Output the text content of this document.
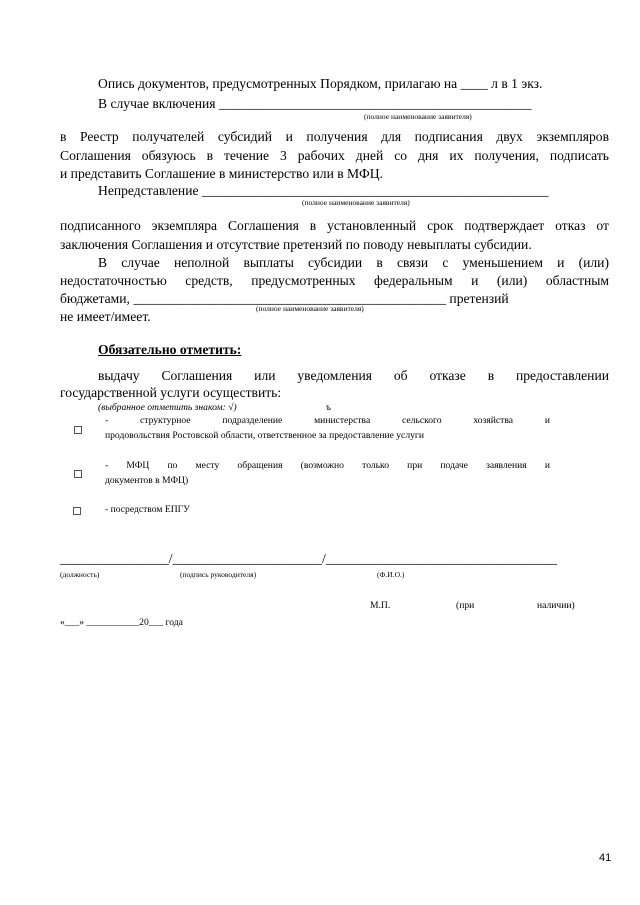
Опись документов, предусмотренных Порядком, прилагаю на ____ л в 1 экз.
В случае включения ______________________________________________
(полное наименование заявителя)
в Реестр получателей субсидий и получения для подписания двух экземпляров
Соглашения обязуюсь в течение 3 рабочих дней со дня их получения, подписать
и представить Соглашение в министерство или в МФЦ.
Непредставление ___________________________________________________
(полное наименование заявителя)
подписанного экземпляра Соглашения в установленный срок подтверждает отказ от
заключения Соглашения и отсутствие претензий по поводу невыплаты субсидии.
В случае неполной выплаты субсидии в связи с уменьшением и (или)
недостаточностью средств, предусмотренных федеральным и (или) областным
бюджетами, ______________________________________________ претензий
(полное наименование заявителя)
не имеет/имеет.
Обязательно отметить:
выдачу Соглашения или уведомления об отказе в предоставлении
государственной услуги осуществить:
(выбранное отметить знаком: √)	ъ
- структурное подразделение министерства сельского хозяйства и
продовольствия Ростовской области, ответственное за предоставление услуги
- МФЦ по месту обращения (возможно только при подаче заявления и
документов в МФЦ)
- посредством ЕПГУ
________________/______________________/__________________________________
(должность)	(подпись руководителя)	(Ф.И.О.)
М.П.	(при	наличии)
«___» ___________20___ года
41
